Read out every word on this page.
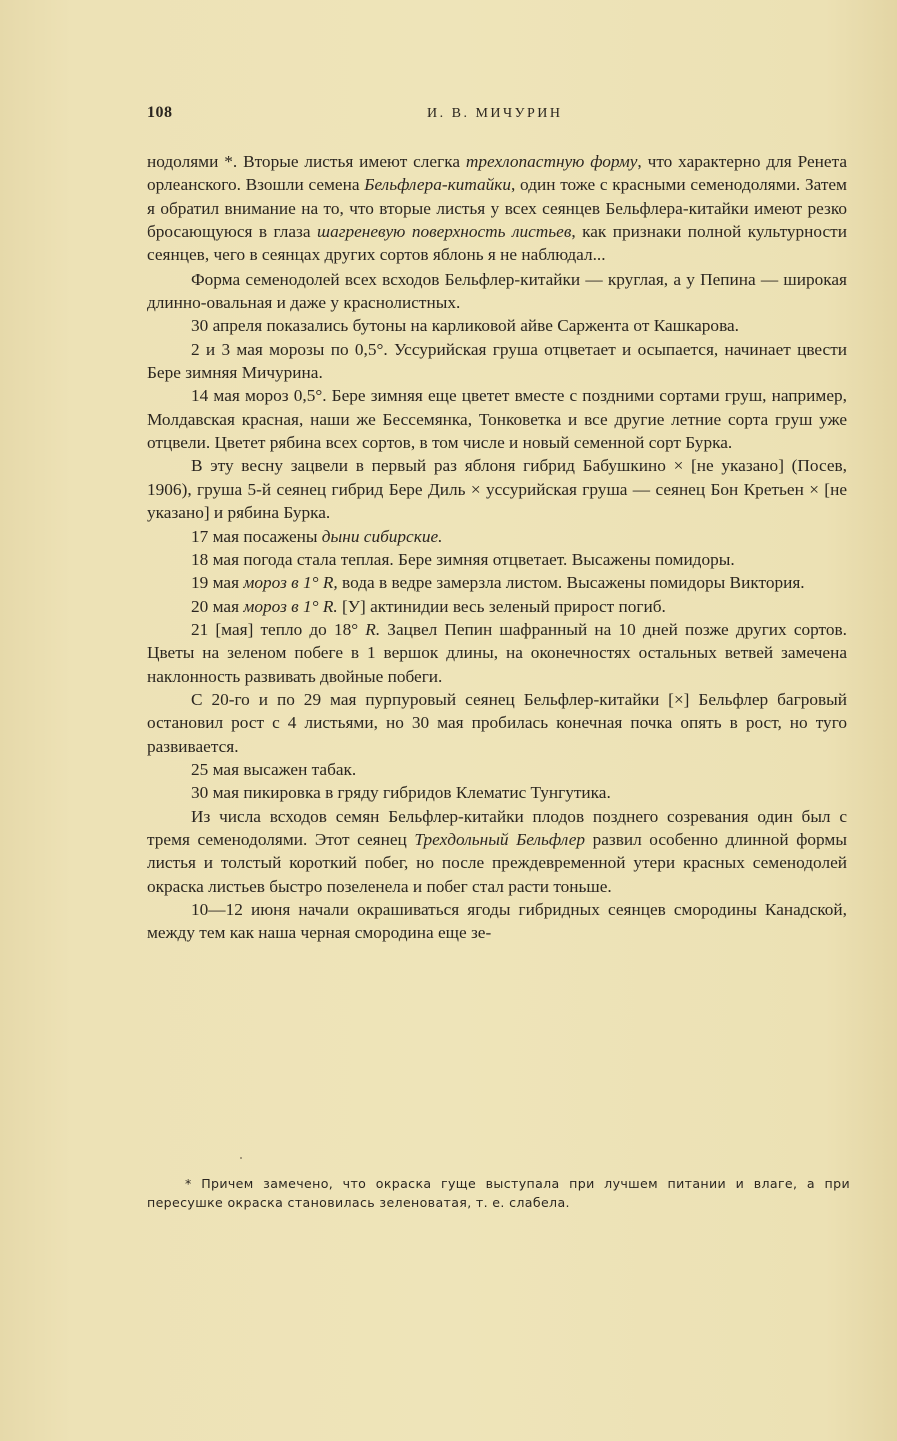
108	И. В. МИЧУРИН

нодолями *. Вторые листья имеют слегка трехлопастную форму, что характерно для Ренета орлеанского. Взошли семена Бельфлера-китайки, один тоже с красными семенодолями. Затем я обратил внимание на то, что вторые листья у всех сеянцев Бельфлера-китайки имеют резко бросающуюся в глаза шагреневую поверхность листьев, как признаки полной культурности сеянцев, чего в сеянцах других сортов яблонь я не наблюдал...

Форма семенодолей всех всходов Бельфлер-китайки — круглая, а у Пепина — широкая длинно-овальная и даже у краснолистных.

30 апреля показались бутоны на карликовой айве Саржента от Кашкарова.

2 и 3 мая морозы по 0,5°. Уссурийская груша отцветает и осыпается, начинает цвести Бере зимняя Мичурина.

14 мая мороз 0,5°. Бере зимняя еще цветет вместе с поздними сортами груш, например, Молдавская красная, наши же Бессемянка, Тонковетка и все другие летние сорта груш уже отцвели. Цветет рябина всех сортов, в том числе и новый семенной сорт Бурка.

В эту весну зацвели в первый раз яблоня гибрид Бабушкино × [не указано] (Посев, 1906), груша 5-й сеянец гибрид Бере Диль × уссурийская груша — сеянец Бон Кретьен × [не указано] и рябина Бурка.

17 мая посажены дыни сибирские.

18 мая погода стала теплая. Бере зимняя отцветает. Высажены помидоры.

19 мая мороз в 1° R, вода в ведре замерзла листом. Высажены помидоры Виктория.

20 мая мороз в 1° R. [У] актинидии весь зеленый прирост погиб.

21 [мая] тепло до 18° R. Зацвел Пепин шафранный на 10 дней позже других сортов. Цветы на зеленом побеге в 1 вершок длины, на оконечностях остальных ветвей замечена наклонность развивать двойные побеги.

С 20-го и по 29 мая пурпуровый сеянец Бельфлер-китайки [×] Бельфлер багровый остановил рост с 4 листьями, но 30 мая пробилась конечная почка опять в рост, но туго развивается.

25 мая высажен табак.

30 мая пикировка в гряду гибридов Клематис Тунгутика.

Из числа всходов семян Бельфлер-китайки плодов позднего созревания один был с тремя семенодолями. Этот сеянец Трехдольный Бельфлер развил особенно длинной формы листья и толстый короткий побег, но после преждевременной утери красных семенодолей окраска листьев быстро позеленела и побег стал расти тоньше.

10—12 июня начали окрашиваться ягоды гибридных сеянцев смородины Канадской, между тем как наша черная смородина еще зе-

* Причем замечено, что окраска гуще выступала при лучшем питании и влаге, а при пересушке окраска становилась зеленоватая, т. е. слабела.
